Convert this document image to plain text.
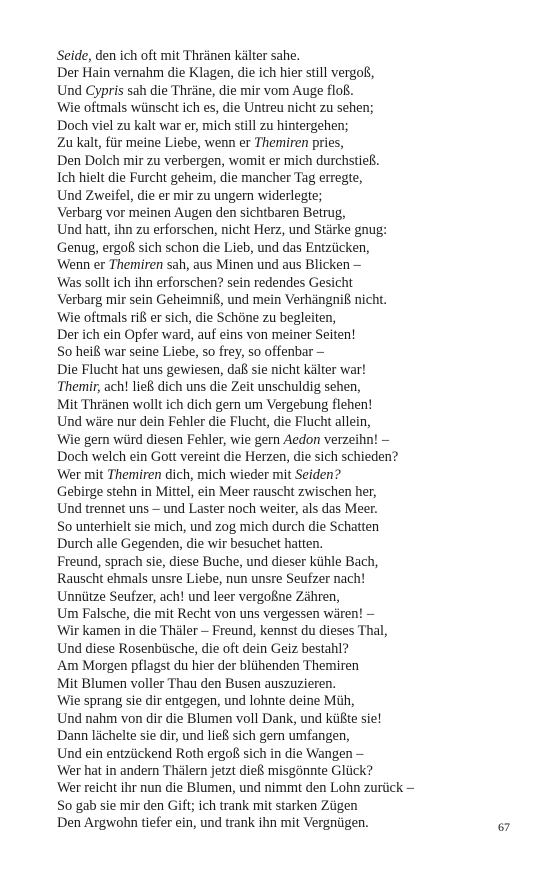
Seide, den ich oft mit Thränen kälter sahe.
Der Hain vernahm die Klagen, die ich hier still vergoß,
Und Cypris sah die Thräne, die mir vom Auge floß.
Wie oftmals wünscht ich es, die Untreu nicht zu sehen;
Doch viel zu kalt war er, mich still zu hintergehen;
Zu kalt, für meine Liebe, wenn er Themiren pries,
Den Dolch mir zu verbergen, womit er mich durchstieß.
Ich hielt die Furcht geheim, die mancher Tag erregte,
Und Zweifel, die er mir zu ungern widerlegte;
Verbarg vor meinen Augen den sichtbaren Betrug,
Und hatt, ihn zu erforschen, nicht Herz, und Stärke gnug:
Genug, ergoß sich schon die Lieb, und das Entzücken,
Wenn er Themiren sah, aus Minen und aus Blicken –
Was sollt ich ihn erforschen? sein redendes Gesicht
Verbarg mir sein Geheimniß, und mein Verhängniß nicht.
Wie oftmals riß er sich, die Schöne zu begleiten,
Der ich ein Opfer ward, auf eins von meiner Seiten!
So heiß war seine Liebe, so frey, so offenbar –
Die Flucht hat uns gewiesen, daß sie nicht kälter war!
Themir, ach! ließ dich uns die Zeit unschuldig sehen,
Mit Thränen wollt ich dich gern um Vergebung flehen!
Und wäre nur dein Fehler die Flucht, die Flucht allein,
Wie gern würd diesen Fehler, wie gern Aedon verzeihn! –
Doch welch ein Gott vereint die Herzen, die sich schieden?
Wer mit Themiren dich, mich wieder mit Seiden?
Gebirge stehn in Mittel, ein Meer rauscht zwischen her,
Und trennet uns – und Laster noch weiter, als das Meer.
So unterhielt sie mich, und zog mich durch die Schatten
Durch alle Gegenden, die wir besuchet hatten.
Freund, sprach sie, diese Buche, und dieser kühle Bach,
Rauscht ehmals unsre Liebe, nun unsre Seufzer nach!
Unnütze Seufzer, ach! und leer vergoßne Zähren,
Um Falsche, die mit Recht von uns vergessen wären! –
Wir kamen in die Thäler – Freund, kennst du dieses Thal,
Und diese Rosenbüsche, die oft dein Geiz bestahl?
Am Morgen pflagst du hier der blühenden Themiren
Mit Blumen voller Thau den Busen auszuzieren.
Wie sprang sie dir entgegen, und lohnte deine Müh,
Und nahm von dir die Blumen voll Dank, und küßte sie!
Dann lächelte sie dir, und ließ sich gern umfangen,
Und ein entzückend Roth ergoß sich in die Wangen –
Wer hat in andern Thälern jetzt dieß misgönnte Glück?
Wer reicht ihr nun die Blumen, und nimmt den Lohn zurück –
So gab sie mir den Gift; ich trank mit starken Zügen
Den Argwohn tiefer ein, und trank ihn mit Vergnügen.	67
